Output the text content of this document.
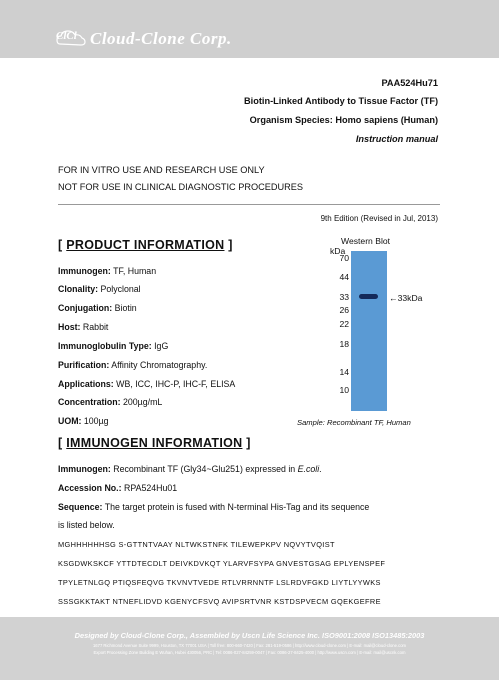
ClCl Cloud-Clone Corp.
PAA524Hu71
Biotin-Linked Antibody to Tissue Factor (TF)
Organism Species: Homo sapiens (Human)
Instruction manual
FOR IN VITRO USE AND RESEARCH USE ONLY
NOT FOR USE IN CLINICAL DIAGNOSTIC PROCEDURES
9th Edition (Revised in Jul, 2013)
[ PRODUCT INFORMATION ]
Immunogen: TF, Human
Clonality: Polyclonal
Conjugation: Biotin
Host: Rabbit
Immunoglobulin Type: IgG
Purification: Affinity Chromatography.
Applications: WB, ICC, IHC-P, IHC-F, ELISA
Concentration: 200µg/mL
UOM: 100µg
Western Blot
kDa
70
44
33
26
22
18
14
10
←33kDa
Sample: Recombinant TF, Human
[ IMMUNOGEN INFORMATION ]
Immunogen: Recombinant TF (Gly34~Glu251) expressed in E.coli.
Accession No.: RPA524Hu01
Sequence: The target protein is fused with N-terminal His-Tag and its sequence
is listed below.
MGHHHHHHSG S-GTTNTVAAY NLTWKSTNFK TILEWEPKPV NQVYTVQIST
KSGDWKSKCF YTTDTECDLT DEIVKDVKQT YLARVFSYPA GNVESTGSAG EPLYENSPEF
TPYLETNLGQ PTIQSFEQVG TKVNVTVEDE RTLVRRNNTF LSLRDVFGKD LIYTLYYWKS
SSSGKKTAKT NTNEFLIDVD KGENYCFSVQ AVIPSRTVNR KSTDSPVECM GQEKGEFRE
Designed by Cloud-Clone Corp., Assembled by Uscn Life Science Inc. ISO9001:2008 ISO13485:2003
1677 Richmond Avenue Suite 9999, Houston, TX 77001 USA | Toll free: 800-660-7420 | Fax: 281-519-0586 | http://www.cloud-clone.com | E-mail: mail@cloud-clone.com
Export Processing Zone Building E Wuhan, Hubei 430056, PRC | Tel: 0086-027-84259-0047 | Fax: 0086-27-8425-4000 | http://www.uscn.com | E-mail: mail@uscnk.com
